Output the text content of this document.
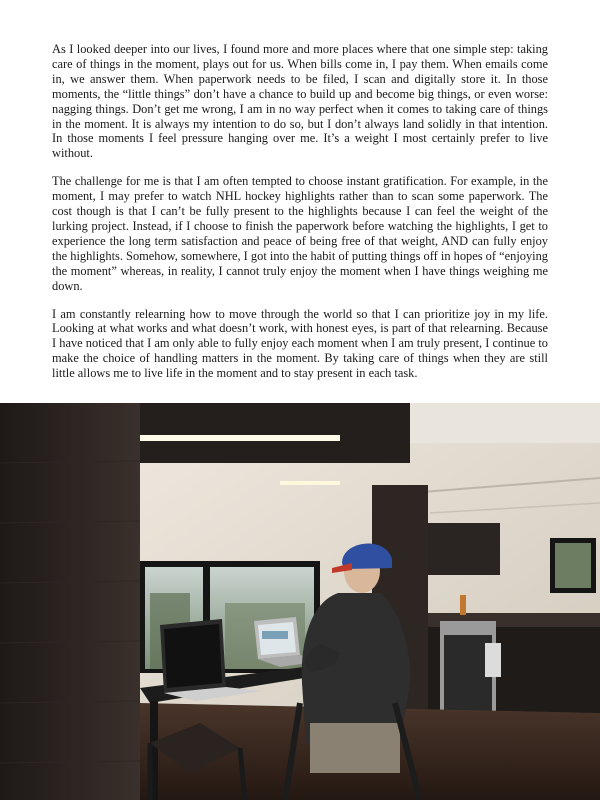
As I looked deeper into our lives, I found more and more places where that one simple step: taking care of things in the moment, plays out for us. When bills come in, I pay them. When emails come in, we answer them. When paperwork needs to be filed, I scan and digitally store it. In those moments, the “little things” don’t have a chance to build up and become big things, or even worse: nagging things. Don’t get me wrong, I am in no way perfect when it comes to taking care of things in the moment. It is always my intention to do so, but I don’t always land solidly in that intention. In those moments I feel pressure hanging over me. It’s a weight I most certainly prefer to live without.

The challenge for me is that I am often tempted to choose instant gratification. For example, in the moment, I may prefer to watch NHL hockey highlights rather than to scan some paperwork. The cost though is that I can’t be fully present to the highlights because I can feel the weight of the lurking project. Instead, if I choose to finish the paperwork before watching the highlights, I get to experience the long term satisfaction and peace of being free of that weight, AND can fully enjoy the highlights. Somehow, somewhere, I got into the habit of putting things off in hopes of “enjoying the moment” whereas, in reality, I cannot truly enjoy the moment when I have things weighing me down.

I am constantly relearning how to move through the world so that I can prioritize joy in my life. Looking at what works and what doesn’t work, with honest eyes, is part of that relearning. Because I have noticed that I am only able to fully enjoy each moment when I am truly present, I continue to make the choice of handling matters in the moment. By taking care of things when they are still little allows me to live life in the moment and to stay present in each task.
